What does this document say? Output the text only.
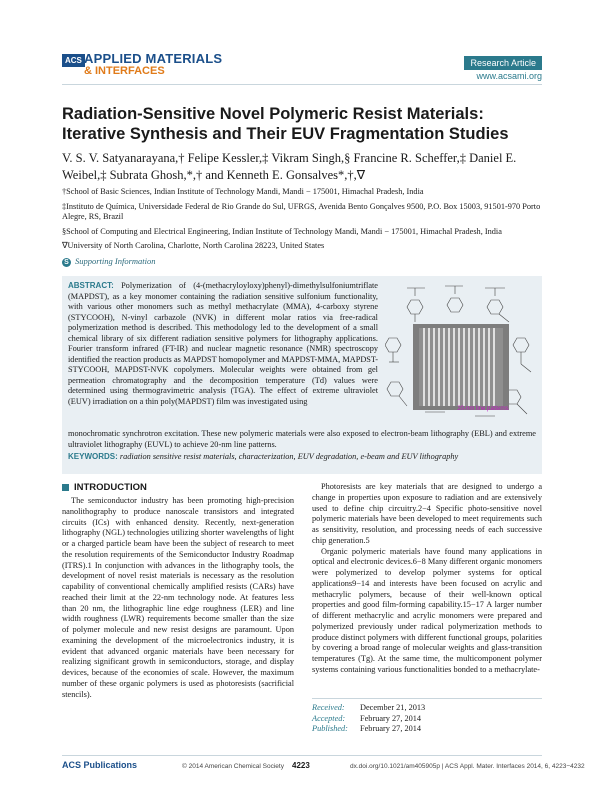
ACS APPLIED MATERIALS
& INTERFACES
Research Article
www.acsami.org
Radiation-Sensitive Novel Polymeric Resist Materials: Iterative Synthesis and Their EUV Fragmentation Studies
V. S. V. Satyanarayana,† Felipe Kessler,‡ Vikram Singh,§ Francine R. Scheffer,‡ Daniel E. Weibel,‡ Subrata Ghosh,*,† and Kenneth E. Gonsalves*,†,∇

†School of Basic Sciences, Indian Institute of Technology Mandi, Mandi − 175001, Himachal Pradesh, India

‡Instituto de Química, Universidade Federal de Rio Grande do Sul, UFRGS, Avenida Bento Gonçalves 9500, P.O. Box 15003, 91501-970 Porto Alegre, RS, Brazil

§School of Computing and Electrical Engineering, Indian Institute of Technology Mandi, Mandi − 175001, Himachal Pradesh, India

∇University of North Carolina, Charlotte, North Carolina 28223, United States

S Supporting Information
ABSTRACT: Polymerization of (4-(methacryloyloxy)phenyl)-dimethylsulfoniumtriflate (MAPDST), as a key monomer containing the radiation sensitive sulfonium functionality, with various other monomers such as methyl methacrylate (MMA), 4-carboxy styrene (STYCOOH), N-vinyl carbazole (NVK) in different molar ratios via free-radical polymerization method is described. This methodology led to the development of a small chemical library of six different radiation sensitive polymers for lithography applications. Fourier transform infrared (FT-IR) and nuclear magnetic resonance (NMR) spectroscopy identified the reaction products as MAPDST homopolymer and MAPDST-MMA, MAPDST-STYCOOH, MAPDST-NVK copolymers. Molecular weights were obtained from gel permeation chromatography and the decomposition temperature (Td) values were determined using thermogravimetric analysis (TGA). The effect of extreme ultraviolet (EUV) irradiation on a thin poly(MAPDST) film was investigated using
monochromatic synchrotron excitation. These new polymeric materials were also exposed to electron-beam lithography (EBL) and extreme ultraviolet lithography (EUVL) to achieve 20-nm line patterns.
KEYWORDS: radiation sensitive resist materials, characterization, EUV degradation, e-beam and EUV lithography
20-nm line patterns
INTRODUCTION

The semiconductor industry has been promoting high-precision nanolithography to produce nanoscale transistors and integrated circuits (ICs) with enhanced density. Recently, next-generation lithography (NGL) technologies utilizing shorter wavelengths of light or a charged particle beam have been the subject of research to meet the resolution requirements of the Semiconductor Industry Roadmap (ITRS).1 In conjunction with advances in the lithography tools, the development of novel resist materials is necessary as the resolution capability of conventional chemically amplified resists (CARs) have reached their limit at the 22-nm technology node. At features less than 20 nm, the lithographic line edge roughness (LER) and line width roughness (LWR) requirements become smaller than the size of polymer molecule and new resist designs are paramount. Upon examining the development of the microelectronics industry, it is evident that advanced organic materials have been necessary for realizing significant growth in semiconductors, storage, and display devices, because of the economies of scale. However, the maximum number of these organic polymers is used as photoresists (sacrificial stencils).

Photoresists are key materials that are designed to undergo a change in properties upon exposure to radiation and are extensively used to define chip circuitry.2−4 Specific photo-sensitive novel polymeric materials have been developed to meet requirements such as sensitivity, resolution, and processing needs of each successive chip generation.5

Organic polymeric materials have found many applications in optical and electronic devices.6−8 Many different organic monomers were polymerized to develop polymer systems for optical applications9−14 and interests have been focused on acrylic and methacrylic polymers, because of their well-known optical properties and good film-forming capability.15−17 A larger number of different methacrylic and acrylic monomers were prepared and polymerized previously under radical polymerization methods to produce distinct polymers with different functional groups, polarities by covering a broad range of molecular weights and glass-transition temperatures (Tg). At the same time, the multicomponent polymer systems containing various functionalities bonded to a methacrylate-

Received: December 21, 2013
Accepted: February 27, 2014
Published: February 27, 2014
ACS Publications	© 2014 American Chemical Society 4223	dx.doi.org/10.1021/am405905p | ACS Appl. Mater. Interfaces 2014, 6, 4223−4232
